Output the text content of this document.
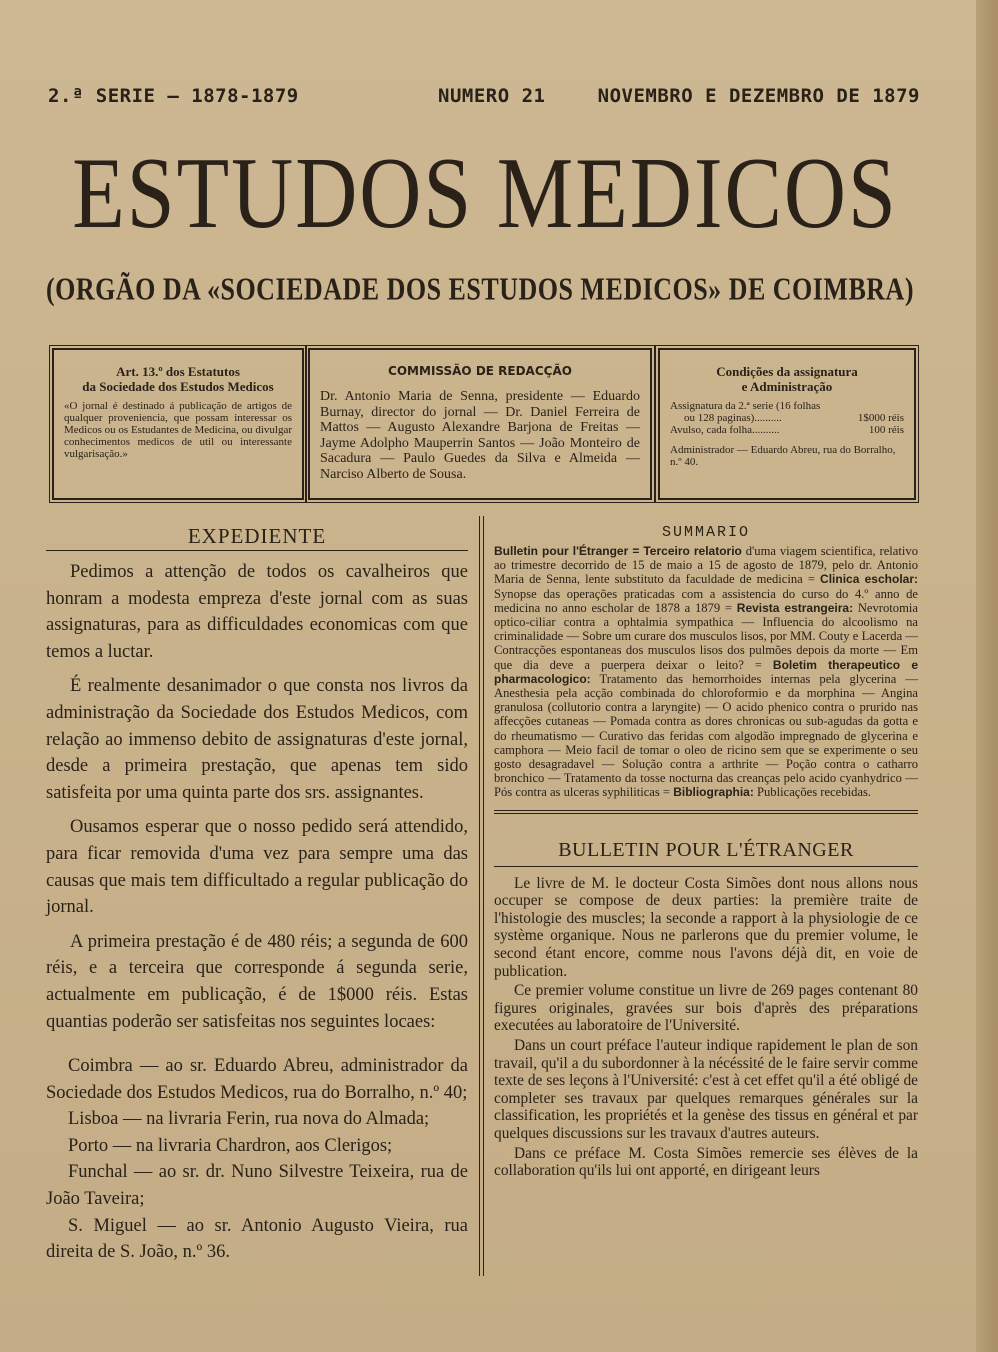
2.ª SERIE — 1878-1879	NUMERO 21	NOVEMBRO E DEZEMBRO DE 1879
ESTUDOS MEDICOS
(ORGÃO DA «SOCIEDADE DOS ESTUDOS MEDICOS» DE COIMBRA)
Art. 13.º dos Estatutos
da Sociedade dos Estudos Medicos
«O jornal é destinado á publicação de artigos de qualquer proveniencia, que possam interessar os Medicos ou os Estudantes de Medicina, ou divulgar conhecimentos medicos de util ou interessante vulgarisação.»
COMMISSÃO DE REDACÇÃO
Dr. Antonio Maria de Senna, presidente — Eduardo Burnay, director do jornal — Dr. Daniel Ferreira de Mattos — Augusto Alexandre Barjona de Freitas — Jayme Adolpho Mauperrin Santos — João Monteiro de Sacadura — Paulo Guedes da Silva e Almeida — Narciso Alberto de Sousa.
Condições da assignatura
e Administração
Assignatura da 2.ª serie (16 folhas
ou 128 paginas)..........	1$000 réis
Avulso, cada folha..........	100 réis
Administrador — Eduardo Abreu, rua do Borralho, n.º 40.
EXPEDIENTE

Pedimos a attenção de todos os cavalheiros que honram a modesta empreza d'este jornal com as suas assignaturas, para as difficuldades economicas com que temos a luctar.

É realmente desanimador o que consta nos livros da administração da Sociedade dos Estudos Medicos, com relação ao immenso debito de assignaturas d'este jornal, desde a primeira prestação, que apenas tem sido satisfeita por uma quinta parte dos srs. assignantes.

Ousamos esperar que o nosso pedido será attendido, para ficar removida d'uma vez para sempre uma das causas que mais tem difficultado a regular publicação do jornal.

A primeira prestação é de 480 réis; a segunda de 600 réis, e a terceira que corresponde á segunda serie, actualmente em publicação, é de 1$000 réis. Estas quantias poderão ser satisfeitas nos seguintes locaes:

Coimbra — ao sr. Eduardo Abreu, administrador da Sociedade dos Estudos Medicos, rua do Borralho, n.º 40;

Lisboa — na livraria Ferin, rua nova do Almada;

Porto — na livraria Chardron, aos Clerigos;

Funchal — ao sr. dr. Nuno Silvestre Teixeira, rua de João Taveira;

S. Miguel — ao sr. Antonio Augusto Vieira, rua direita de S. João, n.º 36.

SUMMARIO
Bulletin pour l'Étranger = Terceiro relatorio d'uma viagem scientifica, relativo ao trimestre decorrido de 15 de maio a 15 de agosto de 1879, pelo dr. Antonio Maria de Senna, lente substituto da faculdade de medicina = Clinica escholar: Synopse das operações praticadas com a assistencia do curso do 4.º anno de medicina no anno escholar de 1878 a 1879 = Revista estrangeira: Nevrotomia optico-ciliar contra a ophtalmia sympathica — Influencia do alcoolismo na criminalidade — Sobre um curare dos musculos lisos, por MM. Couty e Lacerda — Contracções espontaneas dos musculos lisos dos pulmões depois da morte — Em que dia deve a puerpera deixar o leito? = Boletim therapeutico e pharmacologico: Tratamento das hemorrhoides internas pela glycerina — Anesthesia pela acção combinada do chloroformio e da morphina — Angina granulosa (collutorio contra a laryngite) — O acido phenico contra o prurido nas affecções cutaneas — Pomada contra as dores chronicas ou sub-agudas da gotta e do rheumatismo — Curativo das feridas com algodão impregnado de glycerina e camphora — Meio facil de tomar o oleo de ricino sem que se experimente o seu gosto desagradavel — Solução contra a arthrite — Poção contra o catharro bronchico — Tratamento da tosse nocturna das creanças pelo acido cyanhydrico — Pós contra as ulceras syphiliticas = Bibliographia: Publicações recebidas.
BULLETIN POUR L'ÉTRANGER

Le livre de M. le docteur Costa Simões dont nous allons nous occuper se compose de deux parties: la première traite de l'histologie des muscles; la seconde a rapport à la physiologie de ce système organique. Nous ne parlerons que du premier volume, le second étant encore, comme nous l'avons déjà dit, en voie de publication.

Ce premier volume constitue un livre de 269 pages contenant 80 figures originales, gravées sur bois d'après des préparations executées au laboratoire de l'Université.

Dans un court préface l'auteur indique rapidement le plan de son travail, qu'il a du subordonner à la nécéssité de le faire servir comme texte de ses leçons à l'Université: c'est à cet effet qu'il a été obligé de completer ses travaux par quelques remarques générales sur la classification, les propriétés et la genèse des tissus en général et par quelques discussions sur les travaux d'autres auteurs.

Dans ce préface M. Costa Simões remercie ses élèves de la collaboration qu'ils lui ont apporté, en dirigeant leurs
